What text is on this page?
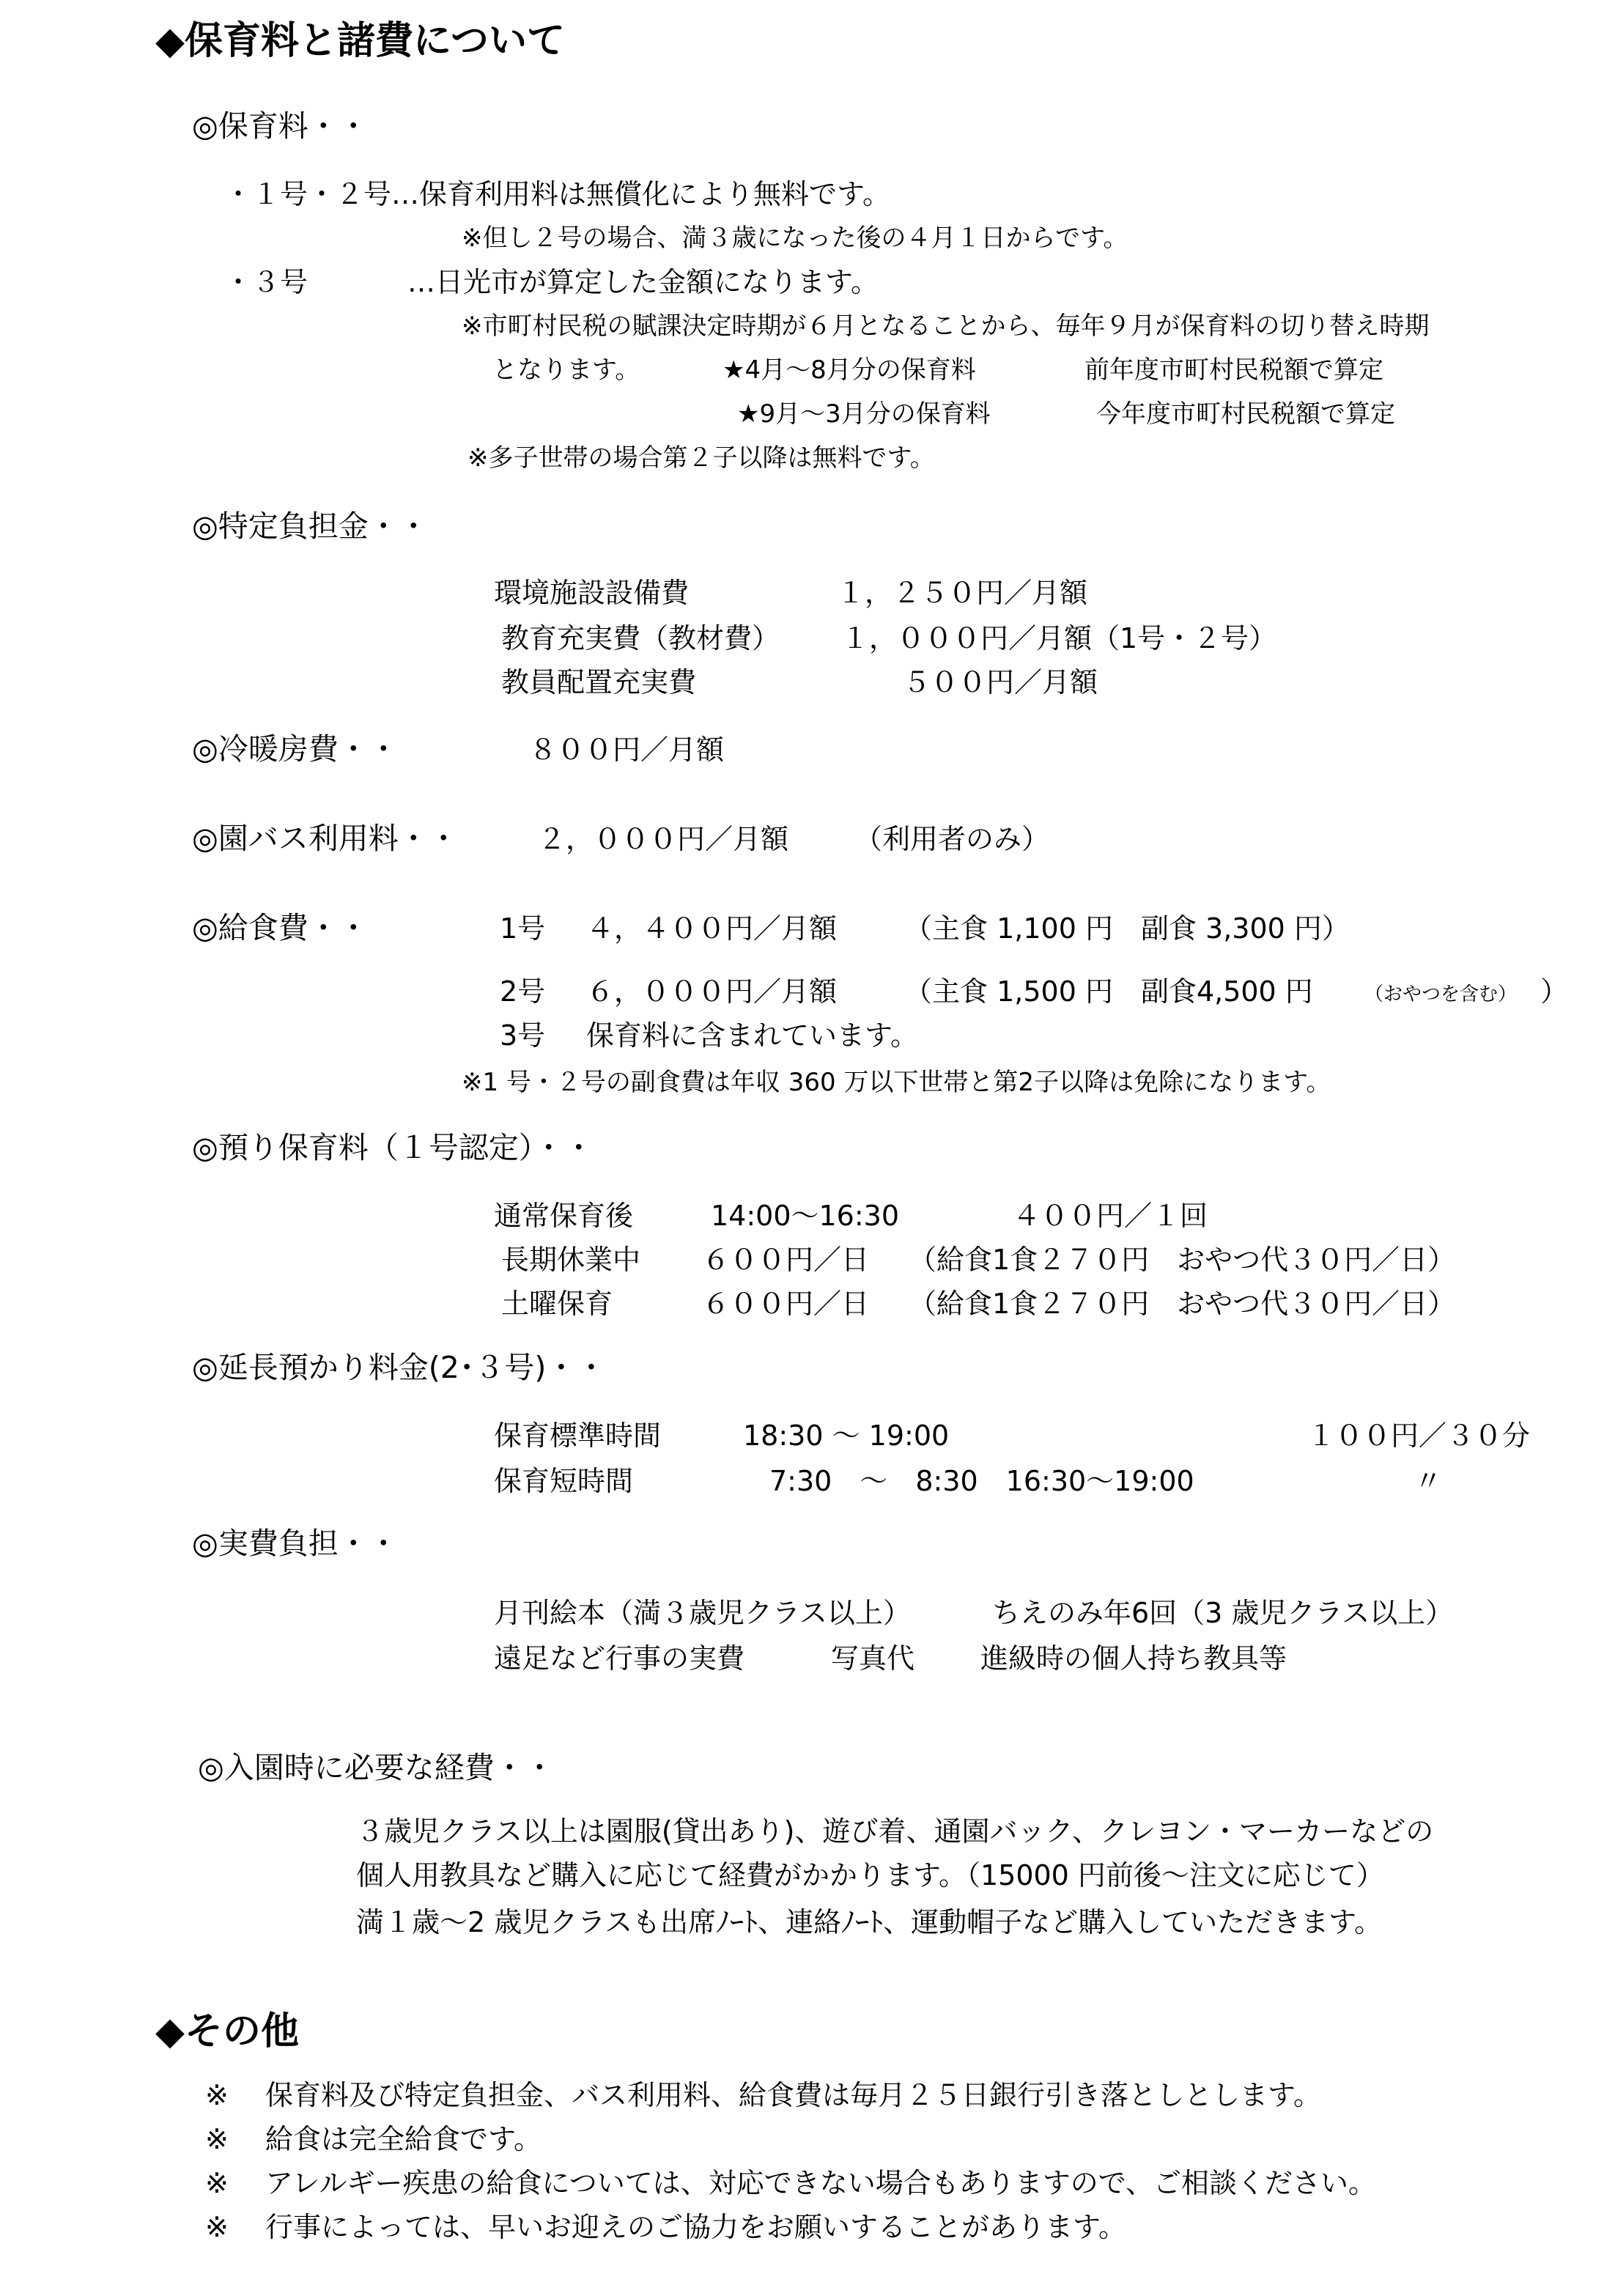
◆保育料と諸費について
◎保育料・・
・１号・２号…保育利用料は無償化により無料です。
※但し２号の場合、満３歳になった後の４月１日からです。
・３号	…日光市が算定した金額になります。
※市町村民税の賦課決定時期が６月となることから、毎年９月が保育料の切り替え時期
となります。	★4月～8月分の保育料	前年度市町村民税額で算定
★9月～3月分の保育料	今年度市町村民税額で算定
※多子世帯の場合第２子以降は無料です。
◎特定負担金・・
環境施設設備費	１，２５０円／月額
教育充実費（教材費） １，０００円／月額（1号・２号）
教員配置充実費	５００円／月額
◎冷暖房費・・	８００円／月額
◎園バス利用料・・	２，０００円／月額 （利用者のみ）
◎給食費・・	1号 ４，４００円／月額 （主食 1,100 円　副食 3,300 円）
2号 ６，０００円／月額 （主食 1,500 円　副食4,500 円	（おやつを含む） ）
3号 保育料に含まれています。
※1 号・２号の副食費は年収 360 万以下世帯と第2子以降は免除になります。
◎預り保育料（１号認定）・・
通常保育後	14:00～16:30	４００円／１回
長期休業中 ６００円／日 （給食1食２７０円　おやつ代３０円／日）
土曜保育	６００円／日 （給食1食２７０円　おやつ代３０円／日）
◎延長預かり料金(2･３号)・・
保育標準時間	18:30 ～ 19:00	１００円／３０分
保育短時間	7:30　～　8:30　16:30～19:00	〃
◎実費負担・・
月刊絵本（満３歳児クラス以上）	ちえのみ年6回（3 歳児クラス以上）
遠足など行事の実費	写真代 進級時の個人持ち教具等
◎入園時に必要な経費・・
３歳児クラス以上は園服(貸出あり)、遊び着、通園バック、クレヨン・マーカーなどの
個人用教具など購入に応じて経費がかかります。（15000 円前後～注文に応じて）
満１歳～2 歳児クラスも出席ﾉｰﾄ、連絡ﾉｰﾄ、運動帽子など購入していただきます。
◆その他
※ 保育料及び特定負担金、バス利用料、給食費は毎月２５日銀行引き落としとします。
※ 給食は完全給食です。
※ アレルギー疾患の給食については、対応できない場合もありますので、ご相談ください。
※ 行事によっては、早いお迎えのご協力をお願いすることがあります。
